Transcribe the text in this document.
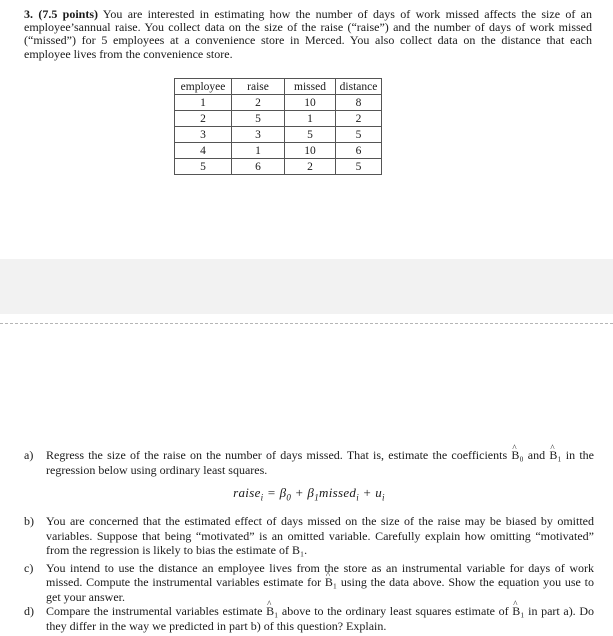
3. (7.5 points) You are interested in estimating how the number of days of work missed affects the size of an employee’sannual raise. You collect data on the size of the raise (“raise”) and the number of days of work missed (“missed”) for 5 employees at a convenience store in Merced. You also collect data on the distance that each employee lives from the convenience store.

employee	raise	missed	distance
1	2	10	8
2	5	1	2
3	3	5	5
4	1	10	6
5	6	2	5
a) Regress the size of the raise on the number of days missed. That is, estimate the coefficients ^ B₀ and ^ B₁ in the regression below using ordinary least squares.
raise$_i$ = $\beta_0$ + $\beta_1missed_i + u_i$
b) You are concerned that the estimated effect of days missed on the size of the raise may be biased by omitted variables. Suppose that being “motivated” is an omitted variable. Carefully explain how omitting “motivated” from the regression is likely to bias the estimate of B₁.
c) You intend to use the distance an employee lives from the store as an instrumental variable for days of work missed. Compute the instrumental variables estimate for ^ B₁ using the data above. Show the equation you use to get your answer.
d) Compare the instrumental variables estimate ^ B₁ above to the ordinary least squares estimate of ^ B₁ in part a). Do they differ in the way we predicted in part b) of this question? Explain.
